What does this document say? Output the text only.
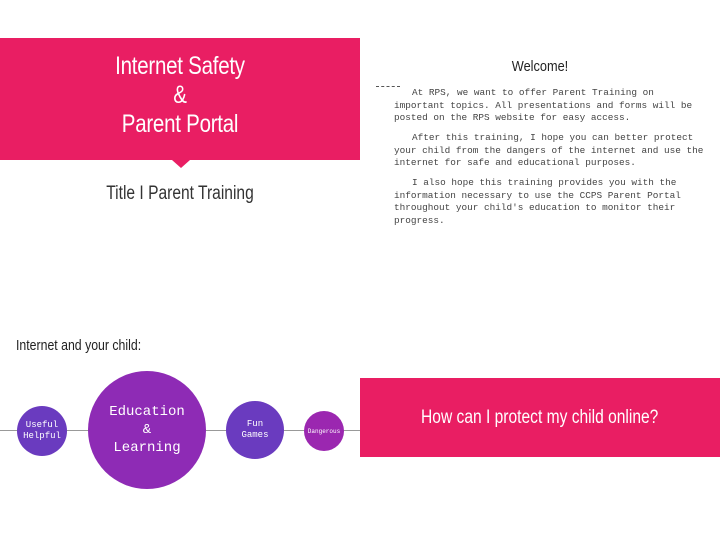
Internet Safety
&
Parent Portal
Title I Parent Training
Welcome!

At RPS, we want to offer Parent Training on important topics. All presentations and forms will be posted on the RPS website for easy access.

After this training, I hope you can better protect your child from the dangers of the internet and use the internet for safe and educational purposes.

I also hope this training provides you with the information necessary to use the CCPS Parent Portal throughout your child's education to monitor their progress.

Internet and your child:
Useful
Helpful
Education
&
Learning
Fun
Games	Dangerous
How can I protect my child online?
